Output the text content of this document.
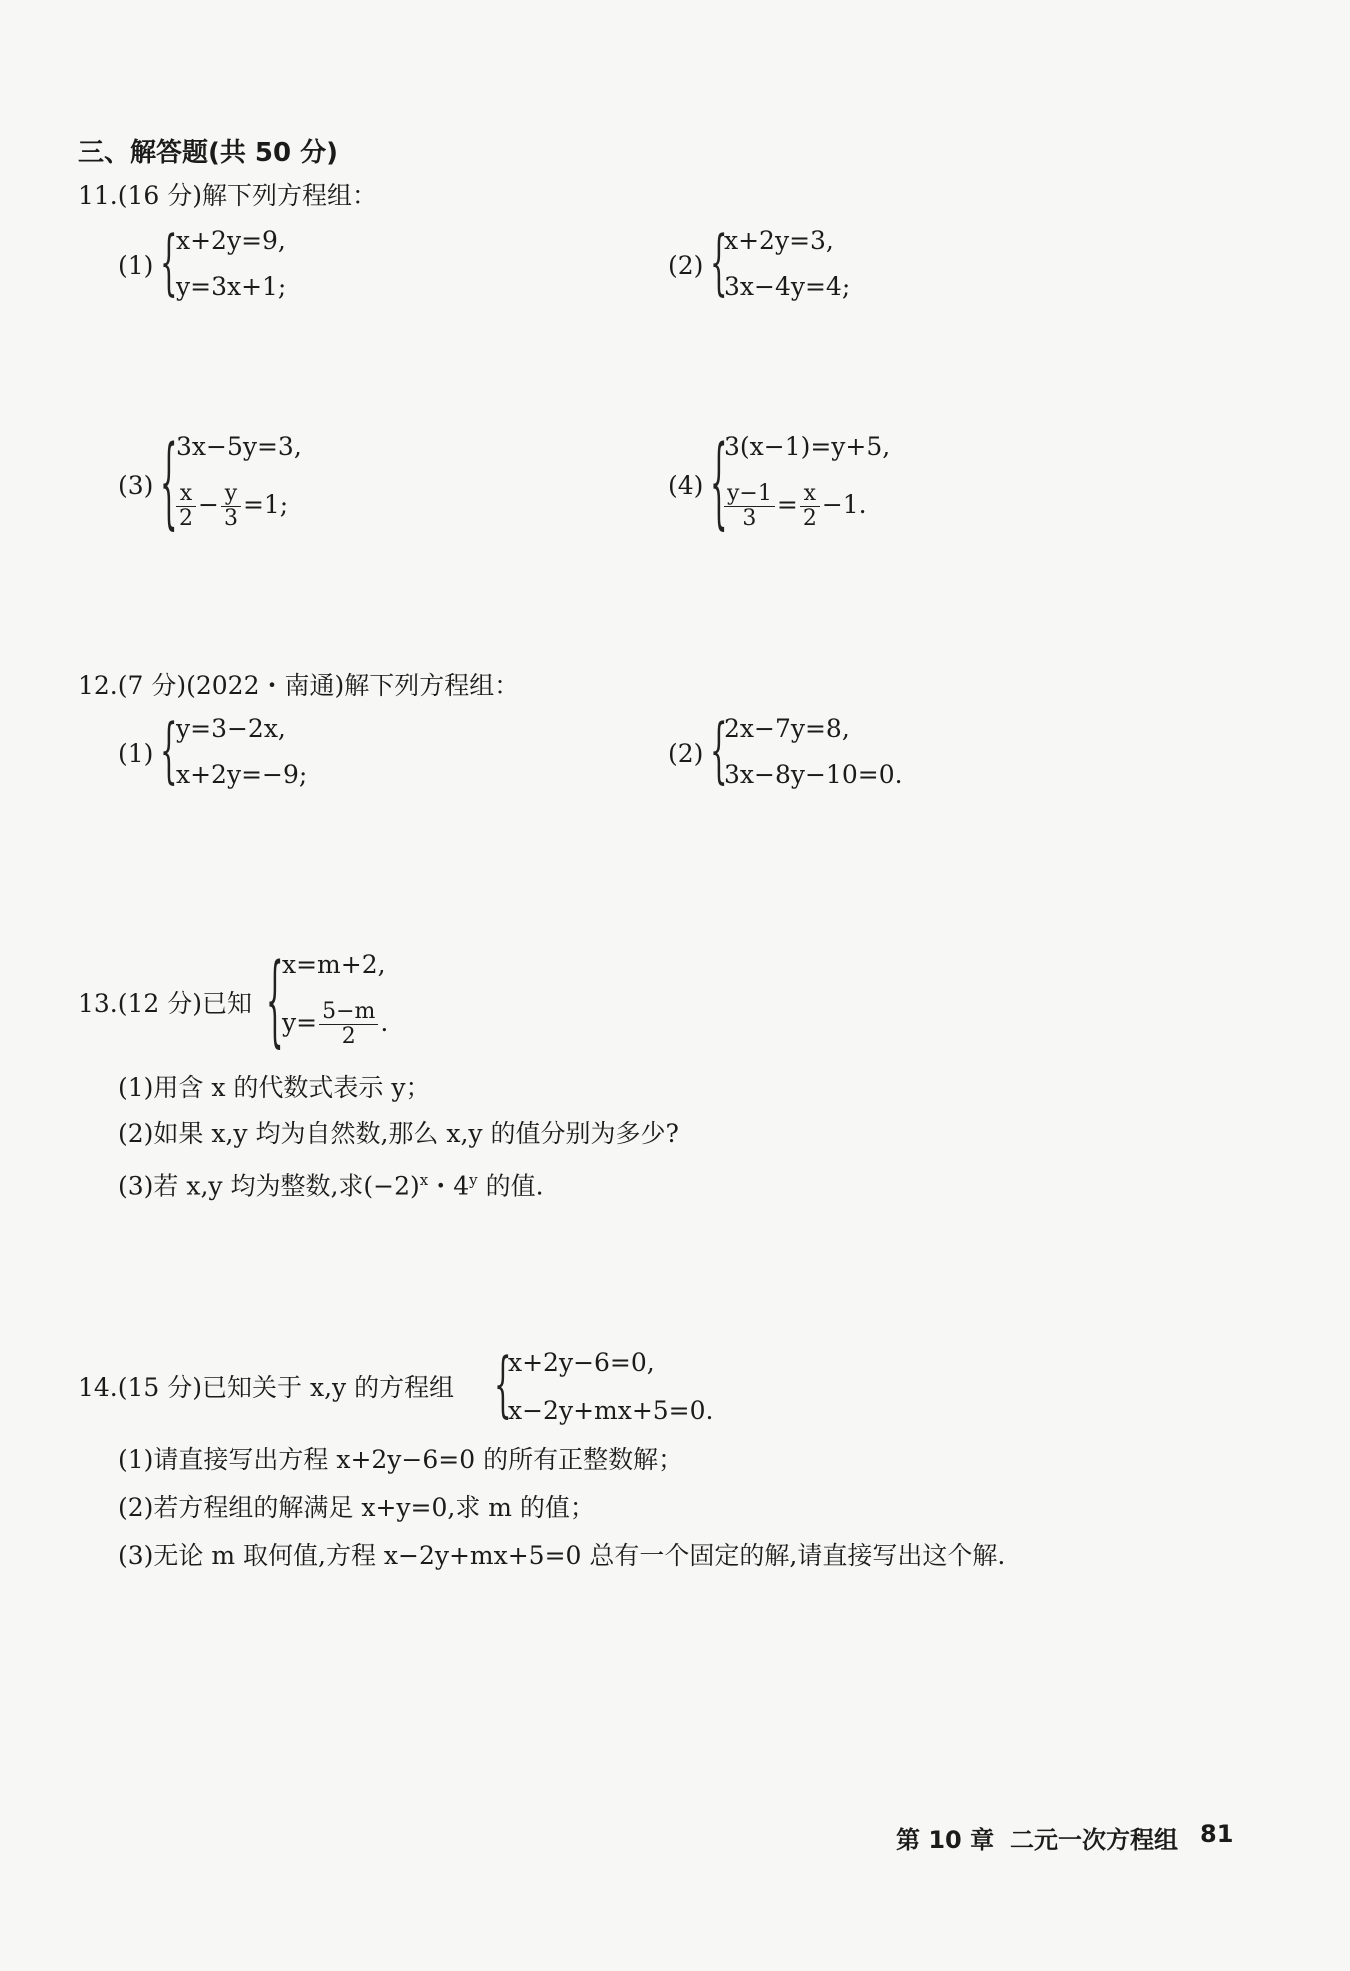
三、解答题(共 50 分)
11.(16 分)解下列方程组：
(1) {
x+2y=9,
y=3x+1;
(2) {
x+2y=3,
3x−4y=4;
(3) {
3x−5y=3,
$\frac{x}{2} - \frac{y}{3} =1$;
(4) {
3(x−1)=y+5,
$\frac{y-1}{3} = \frac{x}{2} -1$.
12.(7 分)(2022・南通)解下列方程组：
(1) {
y=3−2x,
x+2y=−9;
(2) {
2x−7y=8,
3x−8y−10=0.
13.(12 分)已知 {
x=m+2,
$y= \frac{5-m}{2}$ .
(1)用含 x 的代数式表示 y；
(2)如果 x,y 均为自然数,那么 x,y 的值分别为多少?
(3)若 x,y 均为整数,求$(-2)^x$・4$^y$ 的值.
14.(15 分)已知关于 x,y 的方程组 {
x+2y−6=0,
x−2y+mx+5=0.
(1)请直接写出方程 x+2y−6=0 的所有正整数解；
(2)若方程组的解满足 x+y=0,求 m 的值；
(3)无论 m 取何值,方程 x−2y+mx+5=0 总有一个固定的解,请直接写出这个解.
第 10 章 二元一次方程组 81
